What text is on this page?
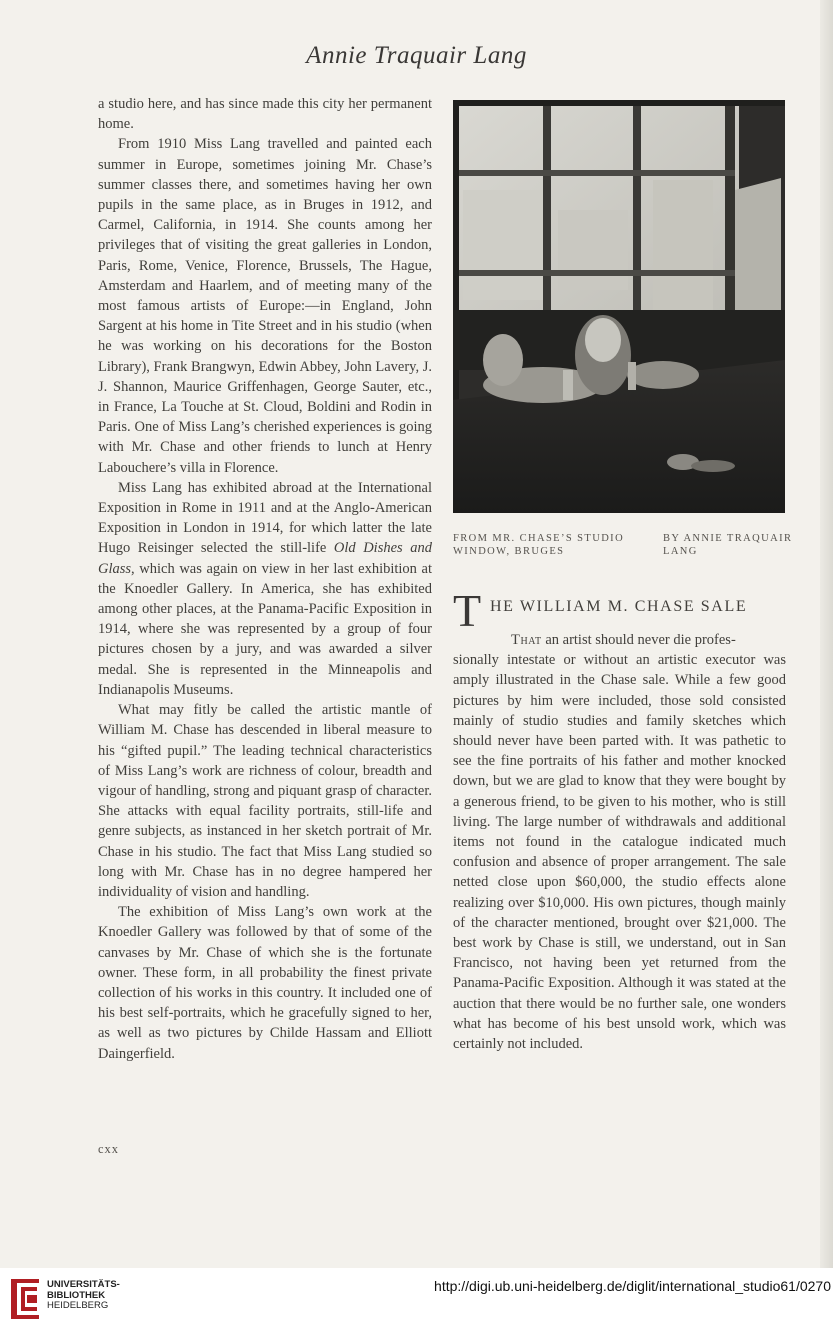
Annie Traquair Lang

a studio here, and has since made this city her permanent home.

From 1910 Miss Lang travelled and painted each summer in Europe, sometimes joining Mr. Chase’s summer classes there, and sometimes having her own pupils in the same place, as in Bruges in 1912, and Carmel, California, in 1914. She counts among her privileges that of visiting the great galleries in London, Paris, Rome, Venice, Florence, Brussels, The Hague, Amsterdam and Haarlem, and of meeting many of the most famous artists of Europe:—in England, John Sargent at his home in Tite Street and in his studio (when he was working on his decorations for the Boston Library), Frank Brangwyn, Edwin Abbey, John Lavery, J. J. Shannon, Maurice Griffenhagen, George Sauter, etc., in France, La Touche at St. Cloud, Boldini and Rodin in Paris. One of Miss Lang’s cherished experiences is going with Mr. Chase and other friends to lunch at Henry Labouchere’s villa in Florence.

Miss Lang has exhibited abroad at the International Exposition in Rome in 1911 and at the Anglo-American Exposition in London in 1914, for which latter the late Hugo Reisinger selected the still-life Old Dishes and Glass, which was again on view in her last exhibition at the Knoedler Gallery. In America, she has exhibited among other places, at the Panama-Pacific Exposition in 1914, where she was represented by a group of four pictures chosen by a jury, and was awarded a silver medal. She is represented in the Minneapolis and Indianapolis Museums.

What may fitly be called the artistic mantle of William M. Chase has descended in liberal measure to his “gifted pupil.” The leading technical characteristics of Miss Lang’s work are richness of colour, breadth and vigour of handling, strong and piquant grasp of character. She attacks with equal facility portraits, still-life and genre subjects, as instanced in her sketch portrait of Mr. Chase in his studio. The fact that Miss Lang studied so long with Mr. Chase has in no degree hampered her individuality of vision and handling.

The exhibition of Miss Lang’s own work at the Knoedler Gallery was followed by that of some of the canvases by Mr. Chase of which she is the fortunate owner. These form, in all probability the finest private collection of his works in this country. It included one of his best self-portraits, which he gracefully signed to her, as well as two pictures by Childe Hassam and Elliott Daingerfield.

FROM MR. CHASE’S STUDIO WINDOW, BRUGES
BY ANNIE TRAQUAIR LANG
T HE WILLIAM M. CHASE SALE

That an artist should never die profes-

sionally intestate or without an artistic executor was amply illustrated in the Chase sale. While a few good pictures by him were included, those sold consisted mainly of studio studies and family sketches which should never have been parted with. It was pathetic to see the fine portraits of his father and mother knocked down, but we are glad to know that they were bought by a generous friend, to be given to his mother, who is still living. The large number of withdrawals and additional items not found in the catalogue indicated much confusion and absence of proper arrangement. The sale netted close upon $60,000, the studio effects alone realizing over $10,000. His own pictures, though mainly of the character mentioned, brought over $21,000. The best work by Chase is still, we understand, out in San Francisco, not having been yet returned from the Panama-Pacific Exposition. Although it was stated at the auction that there would be no further sale, one wonders what has become of his best unsold work, which was certainly not included.

cxx
UNIVERSITÄTS-
BIBLIOTHEK
HEIDELBERG
http://digi.ub.uni-heidelberg.de/diglit/international_studio61/0270
